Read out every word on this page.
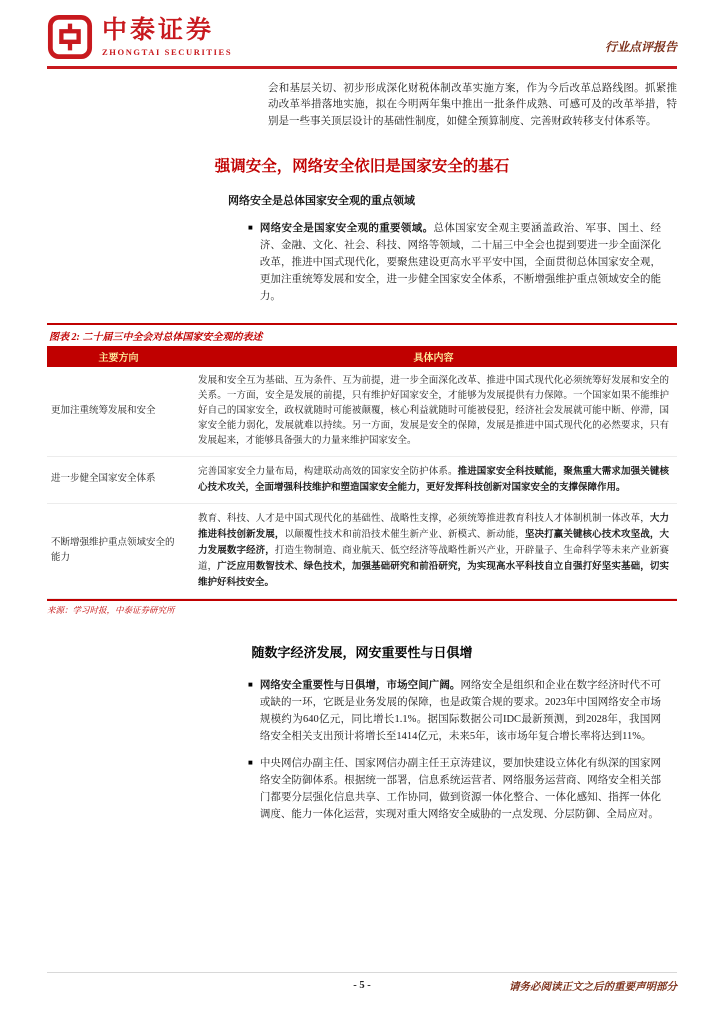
中泰证券
ZHONGTAI SECURITIES	行业点评报告

会和基层关切、初步形成深化财税体制改革实施方案，作为今后改革总路线图。抓紧推动改革举措落地实施，拟在今明两年集中推出一批条件成熟、可感可及的改革举措，特别是一些事关顶层设计的基础性制度，如健全预算制度、完善财政转移支付体系等。

强调安全，网络安全依旧是国家安全的基石
网络安全是总体国家安全观的重点领域
■ 网络安全是国家安全观的重要领域。总体国家安全观主要涵盖政治、军事、国土、经济、金融、文化、社会、科技、网络等领域，二十届三中全会也提到要进一步全面深化改革，推进中国式现代化，要聚焦建设更高水平平安中国，全面贯彻总体国家安全观，更加注重统筹发展和安全，进一步健全国家安全体系，不断增强维护重点领域安全的能力。
图表 2: 二十届三中全会对总体国家安全观的表述
主要方向	具体内容
更加注重统筹发展和安全	发展和安全互为基础、互为条件、互为前提，进一步全面深化改革、推进中国式现代化必须统筹好发展和安全的关系。一方面，安全是发展的前提，只有维护好国家安全，才能够为发展提供有力保障。一个国家如果不能维护好自己的国家安全，政权就随时可能被颠覆，核心利益就随时可能被侵犯，经济社会发展就可能中断、停滞，国家安全能力弱化，发展就难以持续。另一方面，发展是安全的保障，发展是推进中国式现代化的必然要求，只有发展起来，才能够具备强大的力量来维护国家安全。
进一步健全国家安全体系	完善国家安全力量布局，构建联动高效的国家安全防护体系。推进国家安全科技赋能，聚焦重大需求加强关键核心技术攻关，全面增强科技维护和塑造国家安全能力，更好发挥科技创新对国家安全的支撑保障作用。
不断增强维护重点领域安全的能力	教育、科技、人才是中国式现代化的基础性、战略性支撑，必须统筹推进教育科技人才体制机制一体改革，大力推进科技创新发展，以颠覆性技术和前沿技术催生新产业、新模式、新动能，坚决打赢关键核心技术攻坚战，大力发展数字经济，打造生物制造、商业航天、低空经济等战略性新兴产业，开辟量子、生命科学等未来产业新赛道，广泛应用数智技术、绿色技术，加强基础研究和前沿研究，为实现高水平科技自立自强打好坚实基础，切实维护好科技安全。
来源：学习时报，中泰证券研究所
随数字经济发展，网安重要性与日俱增
■ 网络安全重要性与日俱增，市场空间广阔。网络安全是组织和企业在数字经济时代不可或缺的一环，它既是业务发展的保障，也是政策合规的要求。2023年中国网络安全市场规模约为640亿元，同比增长1.1%。据国际数据公司IDC最新预测，到2028年，我国网络安全相关支出预计将增长至1414亿元，未来5年，该市场年复合增长率将达到11%。
■ 中央网信办副主任、国家网信办副主任王京涛建议，要加快建设立体化有纵深的国家网络安全防御体系。根据统一部署，信息系统运营者、网络服务运营商、网络安全相关部门都要分层强化信息共享、工作协同，做到资源一体化整合、一体化感知、指挥一体化调度、能力一体化运营，实现对重大网络安全威胁的一点发现、分层防御、全局应对。
- 5 -	请务必阅读正文之后的重要声明部分
